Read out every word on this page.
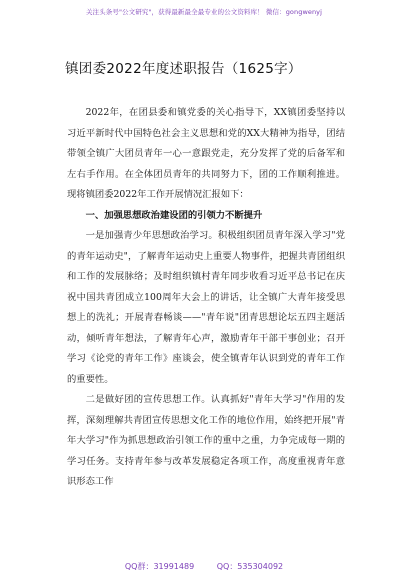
关注头条号"公文研究"，获得最新最全最专业的公文资料库！ 微信：gongwenyj
镇团委2022年度述职报告（1625字）

2022年，在团县委和镇党委的关心指导下，XX镇团委坚持以习近平新时代中国特色社会主义思想和党的XX大精神为指导，团结带领全镇广大团员青年一心一意跟党走，充分发挥了党的后备军和左右手作用。在全体团员青年的共同努力下，团的工作顺利推进。现将镇团委2022年工作开展情况汇报如下：

一、加强思想政治建设团的引领力不断提升

一是加强青少年思想政治学习。积极组织团员青年深入学习"党的青年运动史"，了解青年运动史上重要人物事件，把握共青团组织和工作的发展脉络；及时组织镇村青年同步收看习近平总书记在庆祝中国共青团成立100周年大会上的讲话，让全镇广大青年接受思想上的洗礼；开展青春畅谈——"青年说"团青思想论坛五四主题活动，倾听青年想法，了解青年心声，激励青年干部干事创业；召开学习《论党的青年工作》座谈会，使全镇青年认识到党的青年工作的重要性。

二是做好团的宣传思想工作。认真抓好"青年大学习"作用的发挥，深刻理解共青团宣传思想文化工作的地位作用，始终把开展"青年大学习"作为抓思想政治引领工作的重中之重，力争完成每一期的学习任务。支持青年参与改革发展稳定各项工作，高度重视青年意识形态工作

QQ群：31991489	QQ：535304092
